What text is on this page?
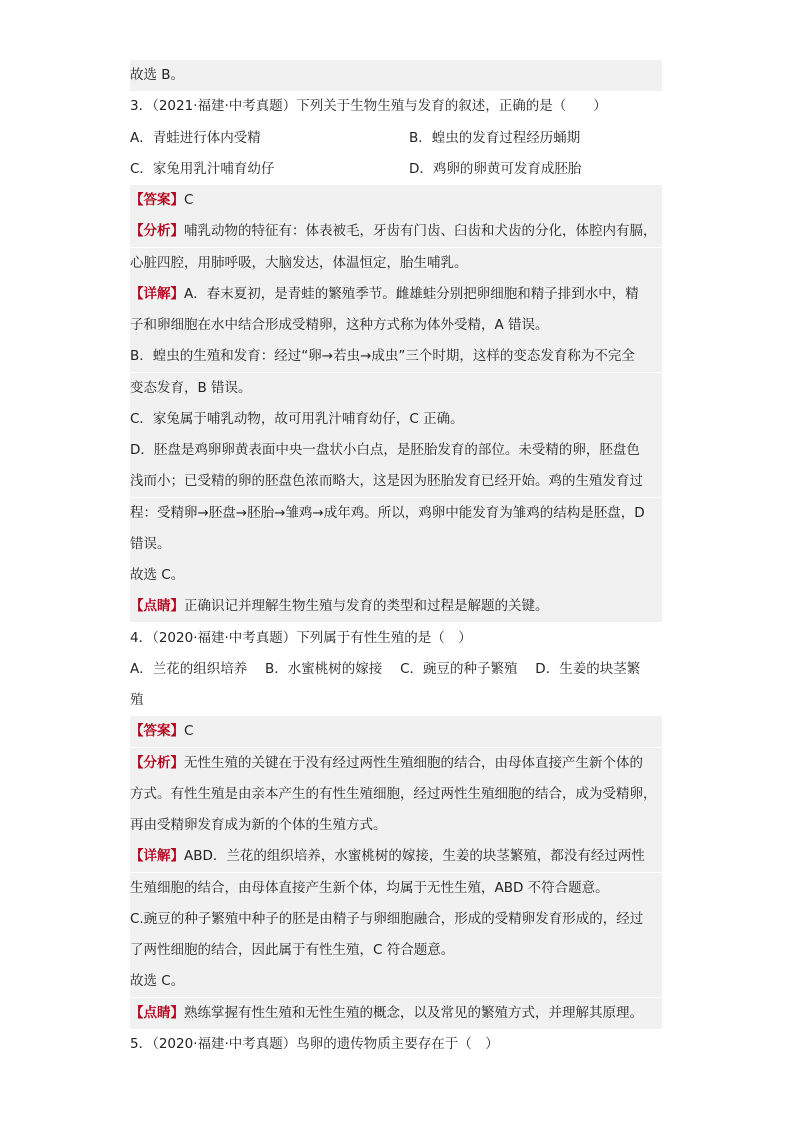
故选 B。
3．（2021·福建·中考真题）下列关于生物生殖与发育的叙述，正确的是（　　）
A．青蛙进行体内受精	B．蝗虫的发育过程经历蛹期
C．家兔用乳汁哺育幼仔	D．鸡卵的卵黄可发育成胚胎
【答案】C
【分析】哺乳动物的特征有：体表被毛，牙齿有门齿、臼齿和犬齿的分化，体腔内有膈，
心脏四腔，用肺呼吸，大脑发达，体温恒定，胎生哺乳。
【详解】A．春末夏初，是青蛙的繁殖季节。雌雄蛙分别把卵细胞和精子排到水中，精
子和卵细胞在水中结合形成受精卵，这种方式称为体外受精，A 错误。
B．蝗虫的生殖和发育：经过“卵→若虫→成虫”三个时期，这样的变态发育称为不完全
变态发育，B 错误。
C．家兔属于哺乳动物，故可用乳汁哺育幼仔，C 正确。
D．胚盘是鸡卵卵黄表面中央一盘状小白点，是胚胎发育的部位。未受精的卵，胚盘色
浅而小；已受精的卵的胚盘色浓而略大，这是因为胚胎发育已经开始。鸡的生殖发育过
程：受精卵→胚盘→胚胎→雏鸡→成年鸡。所以，鸡卵中能发育为雏鸡的结构是胚盘，D
错误。
故选 C。
【点睛】正确识记并理解生物生殖与发育的类型和过程是解题的关键。
4．（2020·福建·中考真题）下列属于有性生殖的是（　）
A．兰花的组织培养　 B．水蜜桃树的嫁接　 C．豌豆的种子繁殖　 D．生姜的块茎繁
殖
【答案】C
【分析】无性生殖的关键在于没有经过两性生殖细胞的结合，由母体直接产生新个体的
方式。有性生殖是由亲本产生的有性生殖细胞，经过两性生殖细胞的结合，成为受精卵，
再由受精卵发育成为新的个体的生殖方式。
【详解】ABD．兰花的组织培养，水蜜桃树的嫁接，生姜的块茎繁殖，都没有经过两性
生殖细胞的结合，由母体直接产生新个体，均属于无性生殖，ABD 不符合题意。
C.豌豆的种子繁殖中种子的胚是由精子与卵细胞融合，形成的受精卵发育形成的，经过
了两性细胞的结合，因此属于有性生殖，C 符合题意。
故选 C。
【点睛】熟练掌握有性生殖和无性生殖的概念，以及常见的繁殖方式，并理解其原理。
5．（2020·福建·中考真题）鸟卵的遗传物质主要存在于（　）
